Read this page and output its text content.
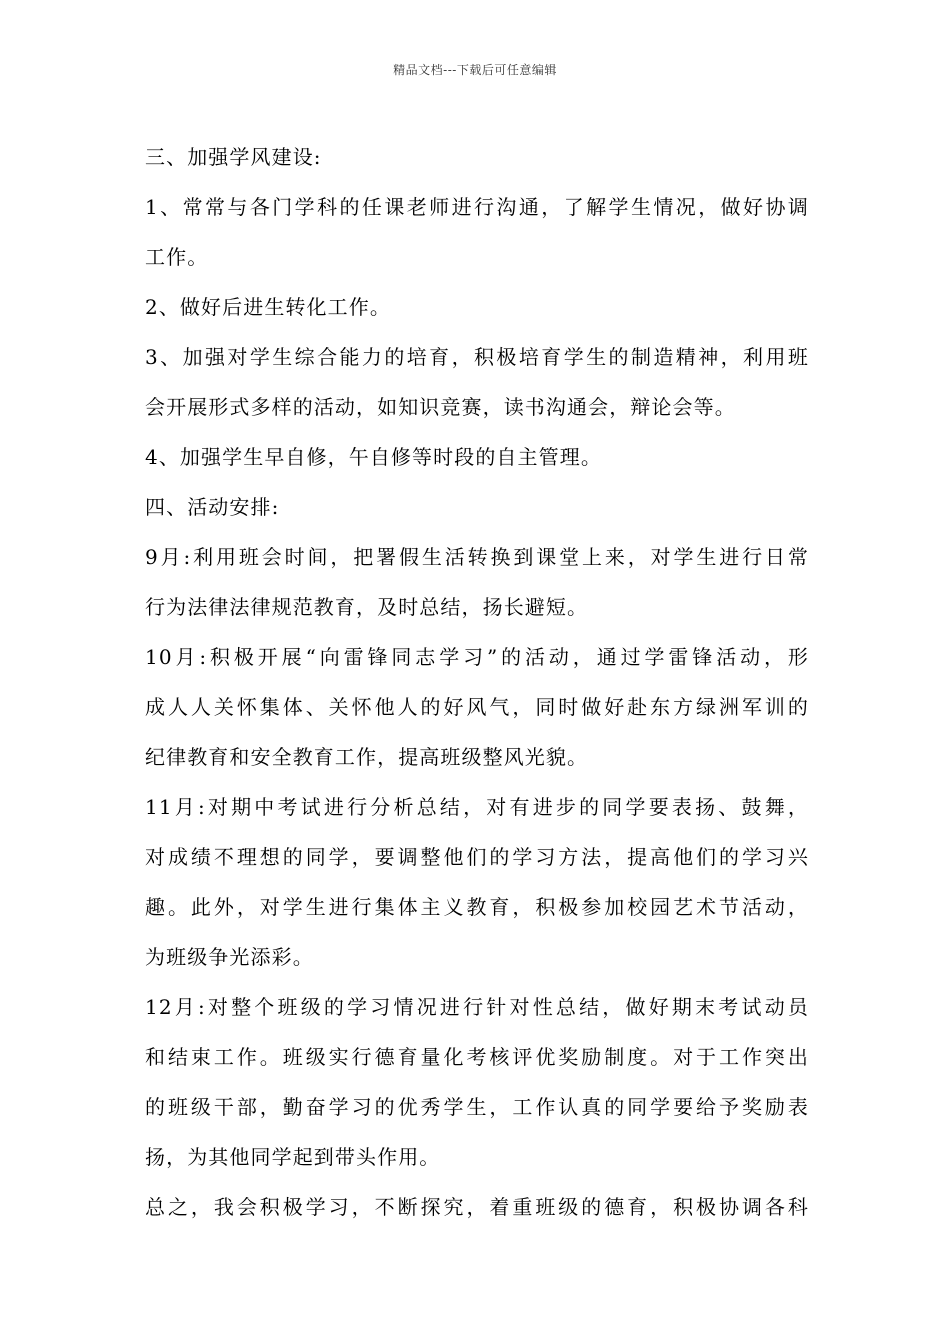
精品文档---下载后可任意编辑
三、加强学风建设:
1、常常与各门学科的任课老师进行沟通，了解学生情况，做好协调
工作。
2、做好后进生转化工作。
3、加强对学生综合能力的培育，积极培育学生的制造精神，利用班
会开展形式多样的活动，如知识竞赛，读书沟通会，辩论会等。
4、加强学生早自修，午自修等时段的自主管理。
四、活动安排:
9月:利用班会时间，把署假生活转换到课堂上来，对学生进行日常
行为法律法律规范教育，及时总结，扬长避短。
10月:积极开展“向雷锋同志学习”的活动，通过学雷锋活动，形
成人人关怀集体、关怀他人的好风气，同时做好赴东方绿洲军训的
纪律教育和安全教育工作，提高班级整风光貌。
11月:对期中考试进行分析总结，对有进步的同学要表扬、鼓舞，
对成绩不理想的同学，要调整他们的学习方法，提高他们的学习兴
趣。此外，对学生进行集体主义教育，积极参加校园艺术节活动，
为班级争光添彩。
12月:对整个班级的学习情况进行针对性总结，做好期末考试动员
和结束工作。班级实行德育量化考核评优奖励制度。对于工作突出
的班级干部，勤奋学习的优秀学生，工作认真的同学要给予奖励表
扬，为其他同学起到带头作用。
总之，我会积极学习，不断探究，着重班级的德育，积极协调各科
